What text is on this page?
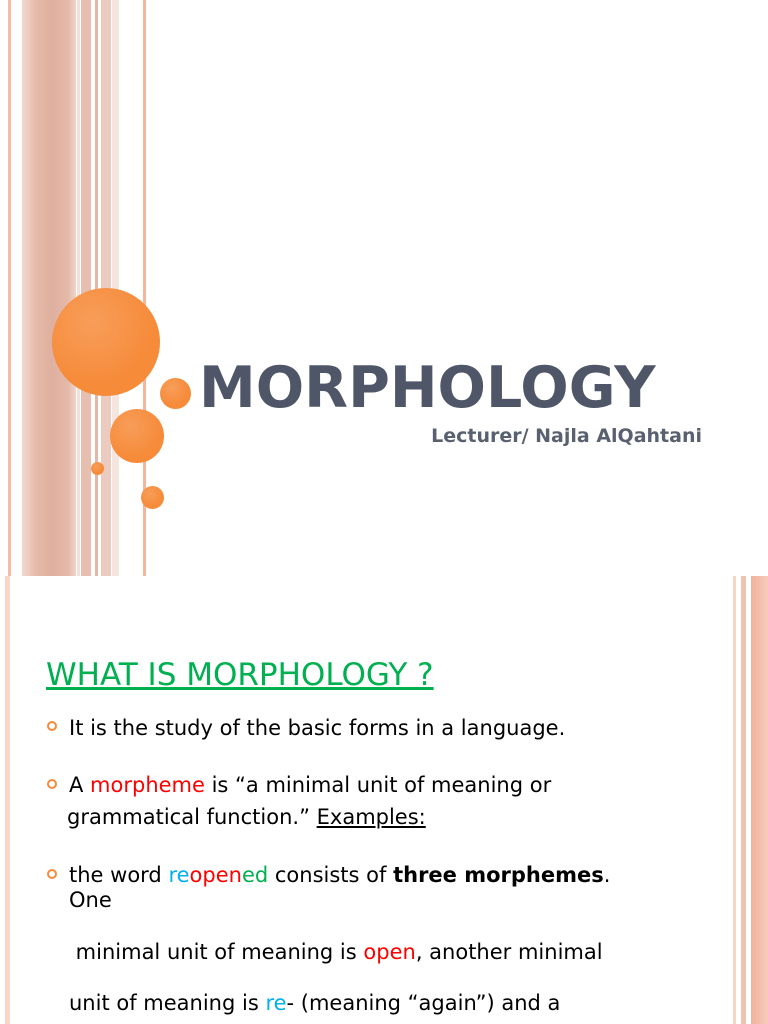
MORPHOLOGY
Lecturer/ Najla AlQahtani
WHAT IS MORPHOLOGY ?
It is the study of the basic forms in a language.
A morpheme is “a minimal unit of meaning or
grammatical function.” Examples:
the word reopened consists of three morphemes.
One
minimal unit of meaning is open, another minimal
unit of meaning is re- (meaning “again”) and a
